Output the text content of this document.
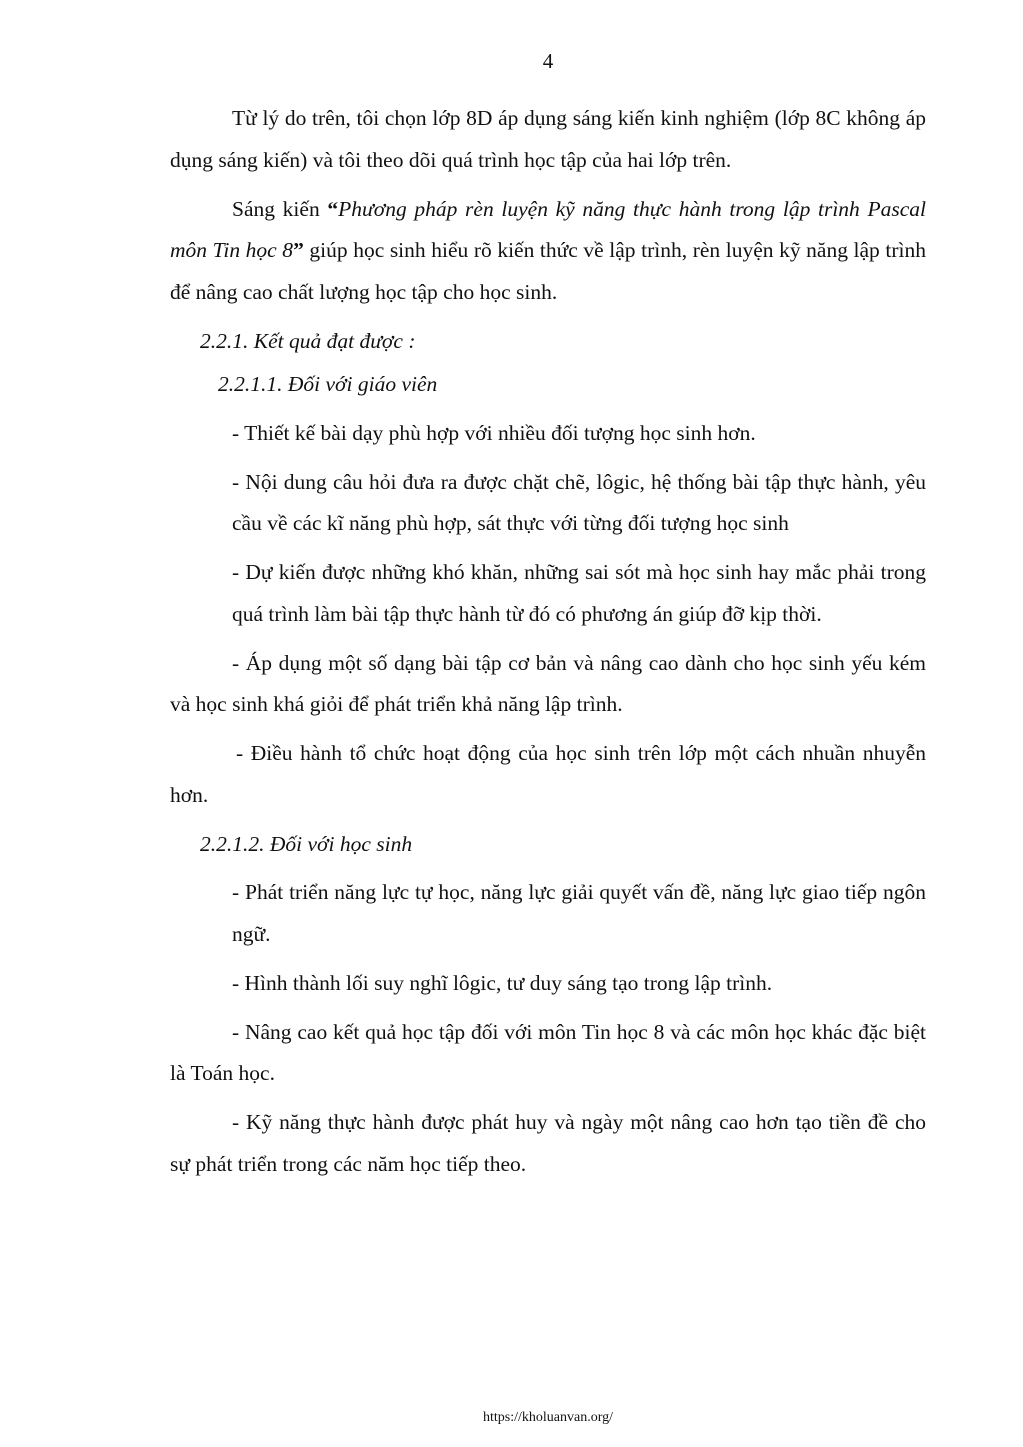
4

Từ lý do trên, tôi chọn lớp 8D áp dụng sáng kiến kinh nghiệm (lớp 8C không áp dụng sáng kiến) và tôi theo dõi quá trình học tập của hai lớp trên.

Sáng kiến “Phương pháp rèn luyện kỹ năng thực hành trong lập trình Pascal môn Tin học 8” giúp học sinh hiểu rõ kiến thức về lập trình, rèn luyện kỹ năng lập trình để nâng cao chất lượng học tập cho học sinh.

2.2.1. Kết quả đạt được :

2.2.1.1. Đối với giáo viên

- Thiết kế bài dạy phù hợp với nhiều đối tượng học sinh hơn.

- Nội dung câu hỏi đưa ra được chặt chẽ, lôgic, hệ thống bài tập thực hành, yêu cầu về các kĩ năng phù hợp, sát thực với từng đối tượng học sinh

- Dự kiến được những khó khăn, những sai sót mà học sinh hay mắc phải trong quá trình làm bài tập thực hành từ đó có phương án giúp đỡ kịp thời.

- Áp dụng một số dạng bài tập cơ bản và nâng cao dành cho học sinh yếu kém và học sinh khá giỏi để phát triển khả năng lập trình.

- Điều hành tổ chức hoạt động của học sinh trên lớp một cách nhuần nhuyễn hơn.

2.2.1.2. Đối với học sinh

- Phát triển năng lực tự học, năng lực giải quyết vấn đề, năng lực giao tiếp ngôn ngữ.

- Hình thành lối suy nghĩ lôgic, tư duy sáng tạo trong lập trình.

- Nâng cao kết quả học tập đối với môn Tin học 8 và các môn học khác đặc biệt là Toán học.

- Kỹ năng thực hành được phát huy và ngày một nâng cao hơn tạo tiền đề cho sự phát triển trong các năm học tiếp theo.

https://kholuanvan.org/
